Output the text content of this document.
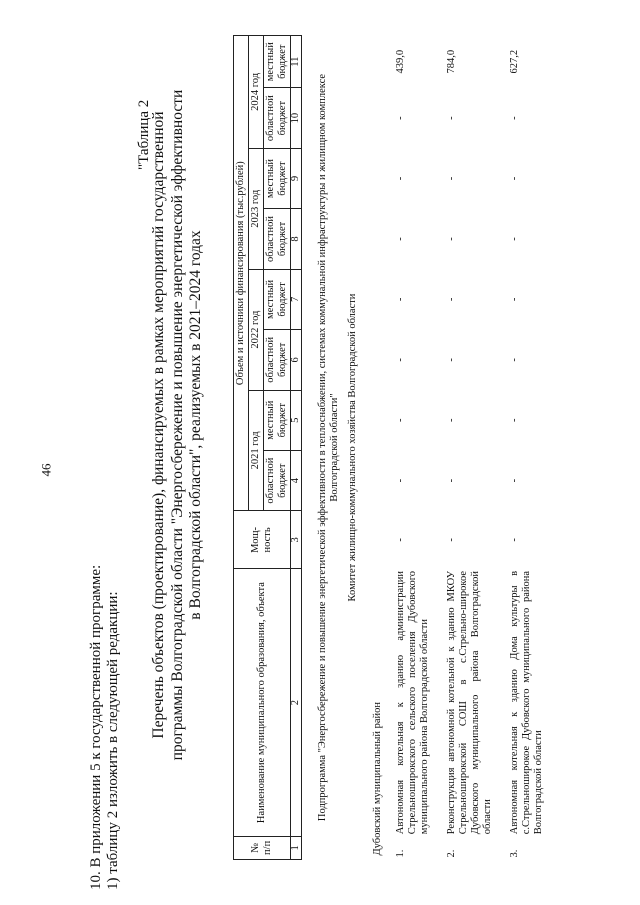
46

10. В приложении 5 к государственной программе: 1) таблицу 2 изложить в следующей редакции:

"Таблица 2

Перечень объектов (проектирование), финансируемых в рамках мероприятий государственной
программы Волгоградской области "Энергосбережение и повышение энергетической эффективности
в Волгоградской области", реализуемых в 2021–2024 годах
№ п/п	Наименование муниципального образования, объекта	Мощ- ность	Объем и источники финансирования (тыс.рублей)							
			2021 год		2022 год		2023 год		2024 год	
			областной бюджет	местный бюджет	областной бюджет	местный бюджет	областной бюджет	местный бюджет	областной бюджет	местный бюджет
1	2	3	4	5	6	7	8	9	10	11

Подпрограмма "Энергосбережение и повышение энергетической эффективности в теплоснабжении, системах коммунальной инфраструктуры и жилищном комплексе Волгоградской области"										
Комитет жилищно-коммунального хозяйства Волгоградской области										
Дубовский муниципальный район										
1.	Автономная котельная к зданию администрации Стрельноширокского сельского поселения Дубовского муниципального района Волгоградской области	-	-	-	-	-	-	-	-	439,0
2.	Реконструкция автономной котельной к зданию МКОУ Стрельноширокской СОШ в с.Стрельно-широкое Дубовского муниципального района Волгоградской области	-	-	-	-	-	-	-	-	784,0
3.	Автономная котельная к зданию Дома культуры в с.Стрельноширокое Дубовского муниципального района Волгоградской области	-	-	-	-	-	-	-	-	627,2
